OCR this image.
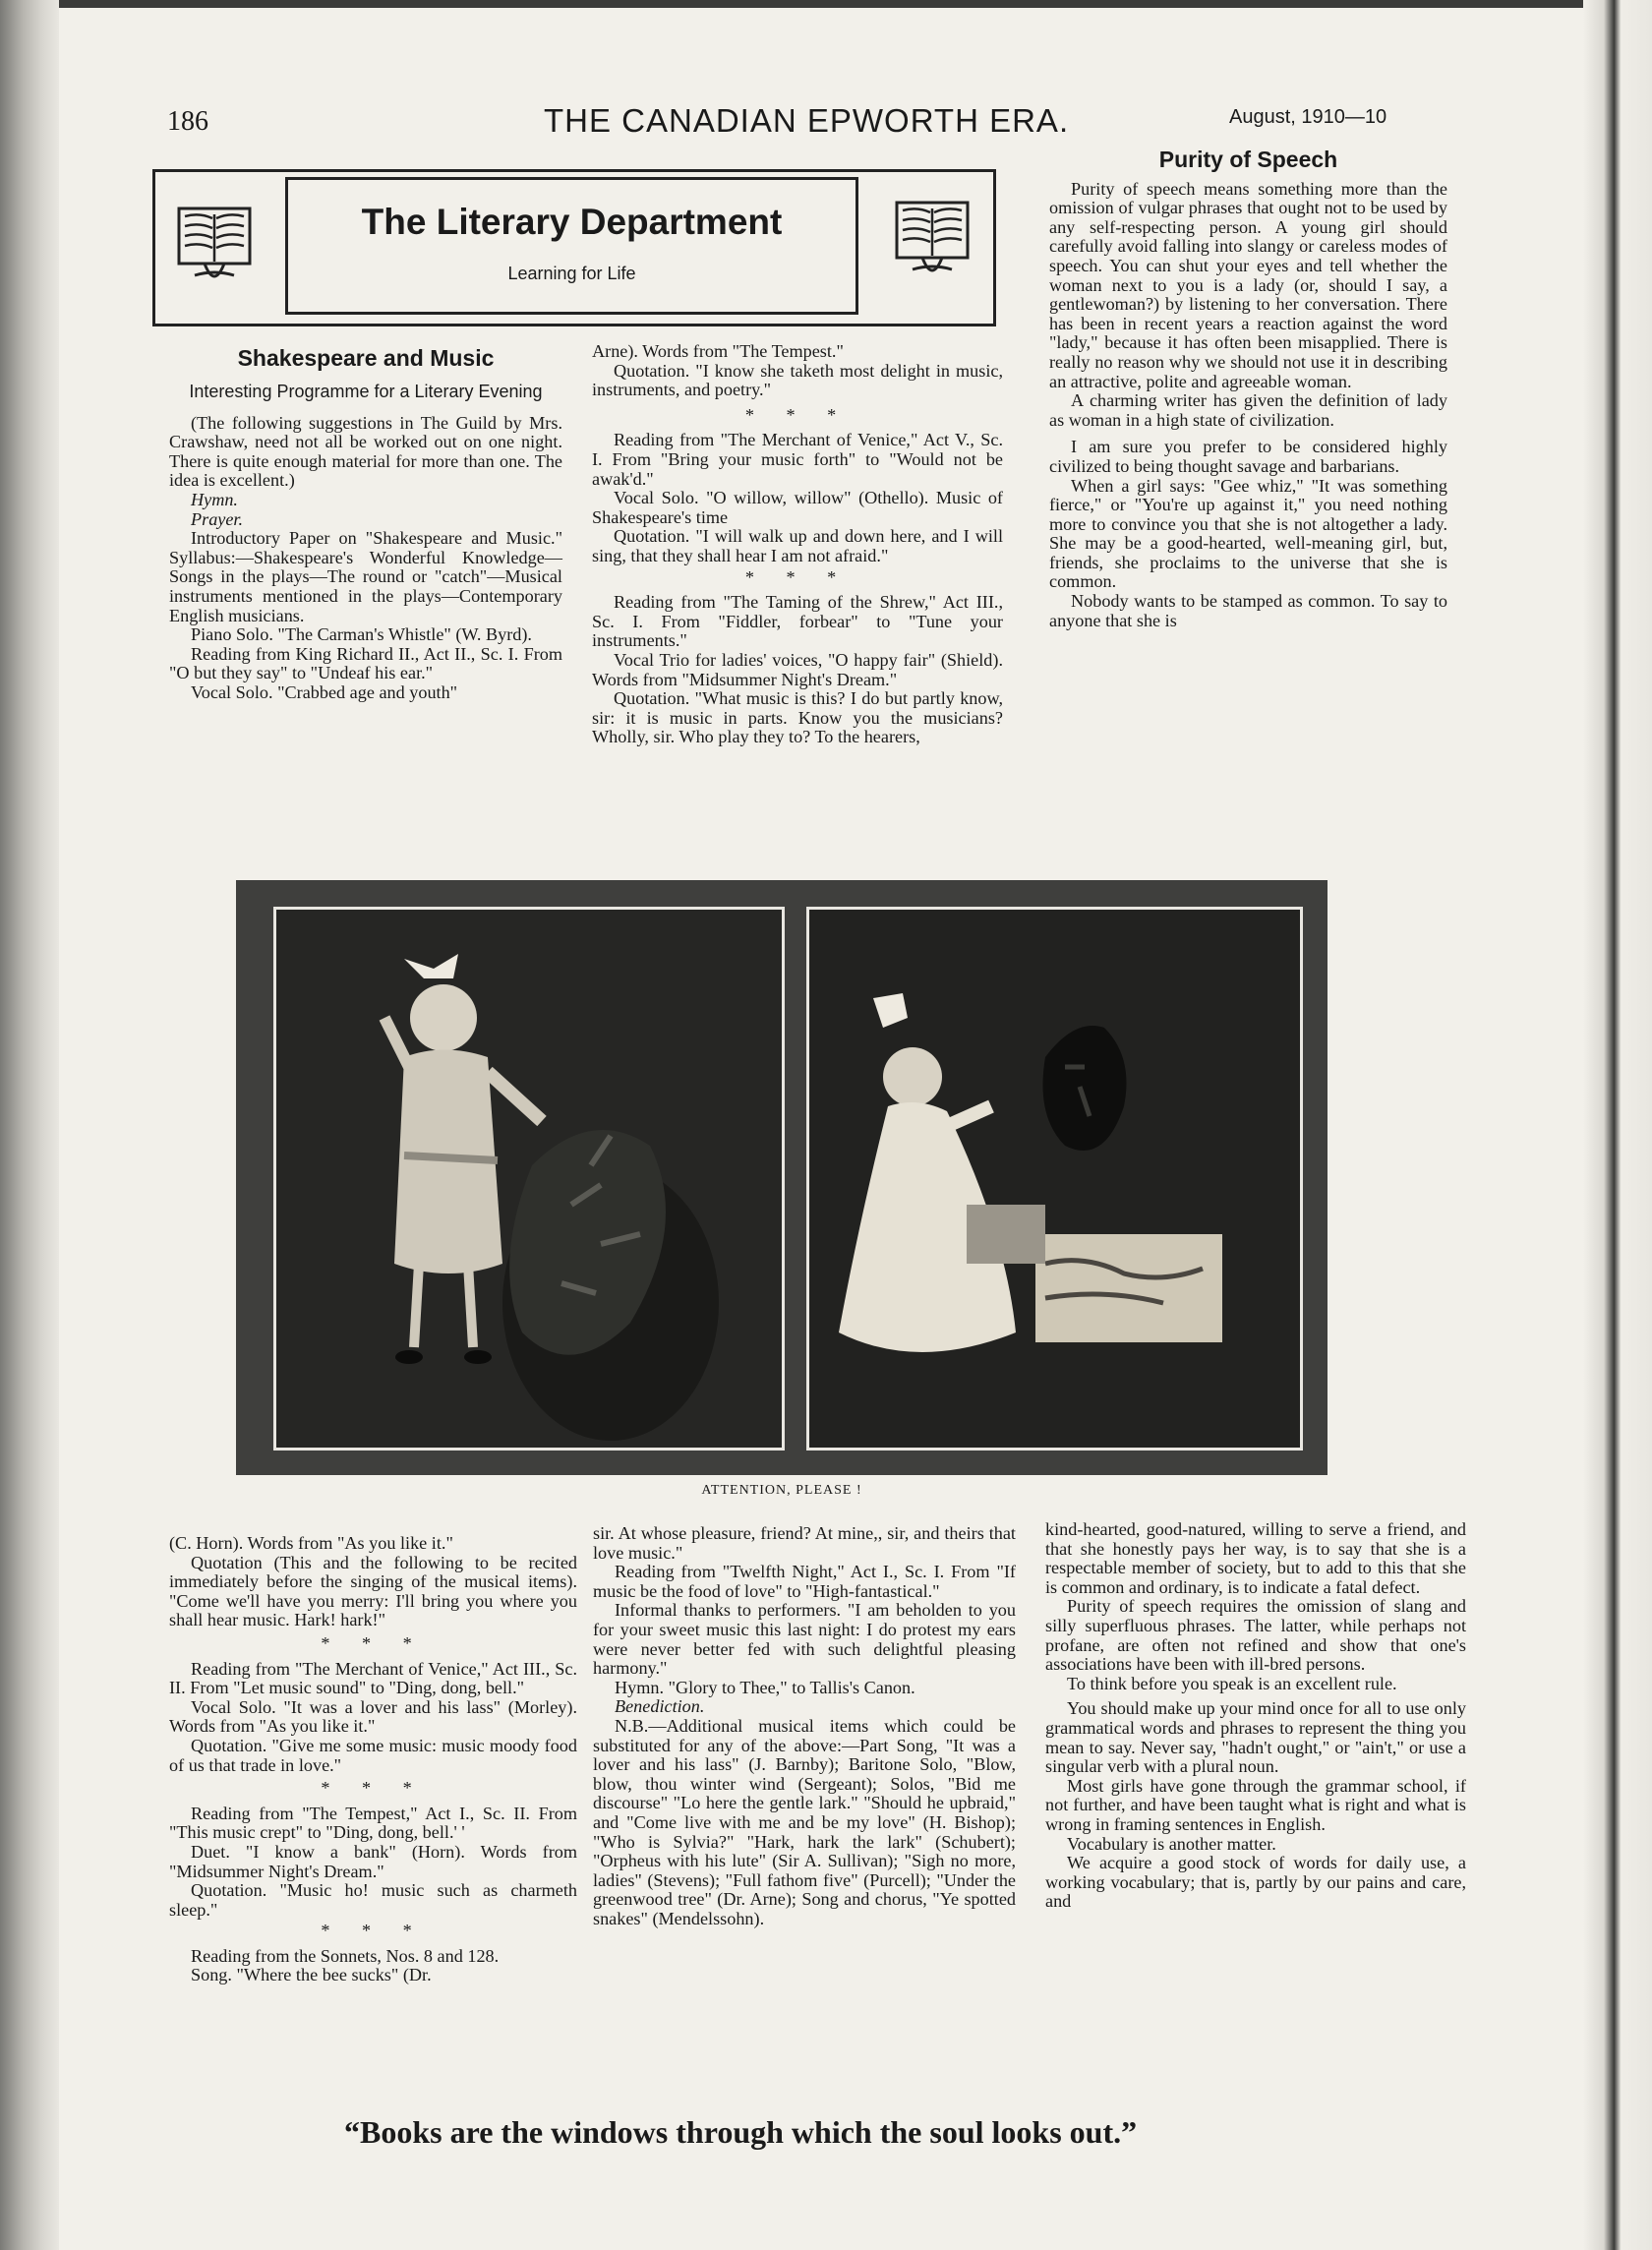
186	THE CANADIAN EPWORTH ERA.	August, 1910—10
The Literary Department
Learning for Life
Shakespeare and Music
Interesting Programme for a Literary Evening

(The following suggestions in The Guild by Mrs. Crawshaw, need not all be worked out on one night. There is quite enough material for more than one. The idea is excellent.)

Hymn.

Prayer.

Introductory Paper on "Shakespeare and Music." Syllabus:—Shakespeare's Wonderful Knowledge—Songs in the plays—The round or "catch"—Musical instruments mentioned in the plays—Contemporary English musicians.

Piano Solo. "The Carman's Whistle" (W. Byrd).

Reading from King Richard II., Act II., Sc. I. From "O but they say" to "Undeaf his ear."

Vocal Solo. "Crabbed age and youth"

Arne). Words from "The Tempest."

Quotation. "I know she taketh most delight in music, instruments, and poetry."

* * *

Reading from "The Merchant of Venice," Act V., Sc. I. From "Bring your music forth" to "Would not be awak'd."

Vocal Solo. "O willow, willow" (Othello). Music of Shakespeare's time

Quotation. "I will walk up and down here, and I will sing, that they shall hear I am not afraid."

* * *

Reading from "The Taming of the Shrew," Act III., Sc. I. From "Fiddler, forbear" to "Tune your instruments."

Vocal Trio for ladies' voices, "O happy fair" (Shield). Words from "Midsummer Night's Dream."

Quotation. "What music is this? I do but partly know, sir: it is music in parts. Know you the musicians? Wholly, sir. Who play they to? To the hearers,

Purity of Speech

Purity of speech means something more than the omission of vulgar phrases that ought not to be used by any self-respecting person. A young girl should carefully avoid falling into slangy or careless modes of speech. You can shut your eyes and tell whether the woman next to you is a lady (or, should I say, a gentlewoman?) by listening to her conversation. There has been in recent years a reaction against the word "lady," because it has often been misapplied. There is really no reason why we should not use it in describing an attractive, polite and agreeable woman.

A charming writer has given the definition of lady as woman in a high state of civilization.

I am sure you prefer to be considered highly civilized to being thought savage and barbarians.

When a girl says: "Gee whiz," "It was something fierce," or "You're up against it," you need nothing more to convince you that she is not altogether a lady. She may be a good-hearted, well-meaning girl, but, friends, she proclaims to the universe that she is common.

Nobody wants to be stamped as common. To say to anyone that she is

ATTENTION, PLEASE !

(C. Horn). Words from "As you like it."

Quotation (This and the following to be recited immediately before the singing of the musical items). "Come we'll have you merry: I'll bring you where you shall hear music. Hark! hark!"

* * *

Reading from "The Merchant of Venice," Act III., Sc. II. From "Let music sound" to "Ding, dong, bell."

Vocal Solo. "It was a lover and his lass" (Morley). Words from "As you like it."

Quotation. "Give me some music: music moody food of us that trade in love."

* * *

Reading from "The Tempest," Act I., Sc. II. From "This music crept" to "Ding, dong, bell.' '

Duet. "I know a bank" (Horn). Words from "Midsummer Night's Dream."

Quotation. "Music ho! music such as charmeth sleep."

* * *

Reading from the Sonnets, Nos. 8 and 128.

Song. "Where the bee sucks" (Dr.

sir. At whose pleasure, friend? At mine,, sir, and theirs that love music."

Reading from "Twelfth Night," Act I., Sc. I. From "If music be the food of love" to "High-fantastical."

Informal thanks to performers. "I am beholden to you for your sweet music this last night: I do protest my ears were never better fed with such delightful pleasing harmony."

Hymn. "Glory to Thee," to Tallis's Canon.

Benediction.

N.B.—Additional musical items which could be substituted for any of the above:—Part Song, "It was a lover and his lass" (J. Barnby); Baritone Solo, "Blow, blow, thou winter wind (Sergeant); Solos, "Bid me discourse" "Lo here the gentle lark." "Should he upbraid," and "Come live with me and be my love" (H. Bishop); "Who is Sylvia?" "Hark, hark the lark" (Schubert); "Orpheus with his lute" (Sir A. Sullivan); "Sigh no more, ladies" (Stevens); "Full fathom five" (Purcell); "Under the greenwood tree" (Dr. Arne); Song and chorus, "Ye spotted snakes" (Mendelssohn).

kind-hearted, good-natured, willing to serve a friend, and that she honestly pays her way, is to say that she is a respectable member of society, but to add to this that she is common and ordinary, is to indicate a fatal defect.

Purity of speech requires the omission of slang and silly superfluous phrases. The latter, while perhaps not profane, are often not refined and show that one's associations have been with ill-bred persons.

To think before you speak is an excellent rule.

You should make up your mind once for all to use only grammatical words and phrases to represent the thing you mean to say. Never say, "hadn't ought," or "ain't," or use a singular verb with a plural noun.

Most girls have gone through the grammar school, if not further, and have been taught what is right and what is wrong in framing sentences in English.

Vocabulary is another matter.

We acquire a good stock of words for daily use, a working vocabulary; that is, partly by our pains and care, and

“Books are the windows through which the soul looks out.”
